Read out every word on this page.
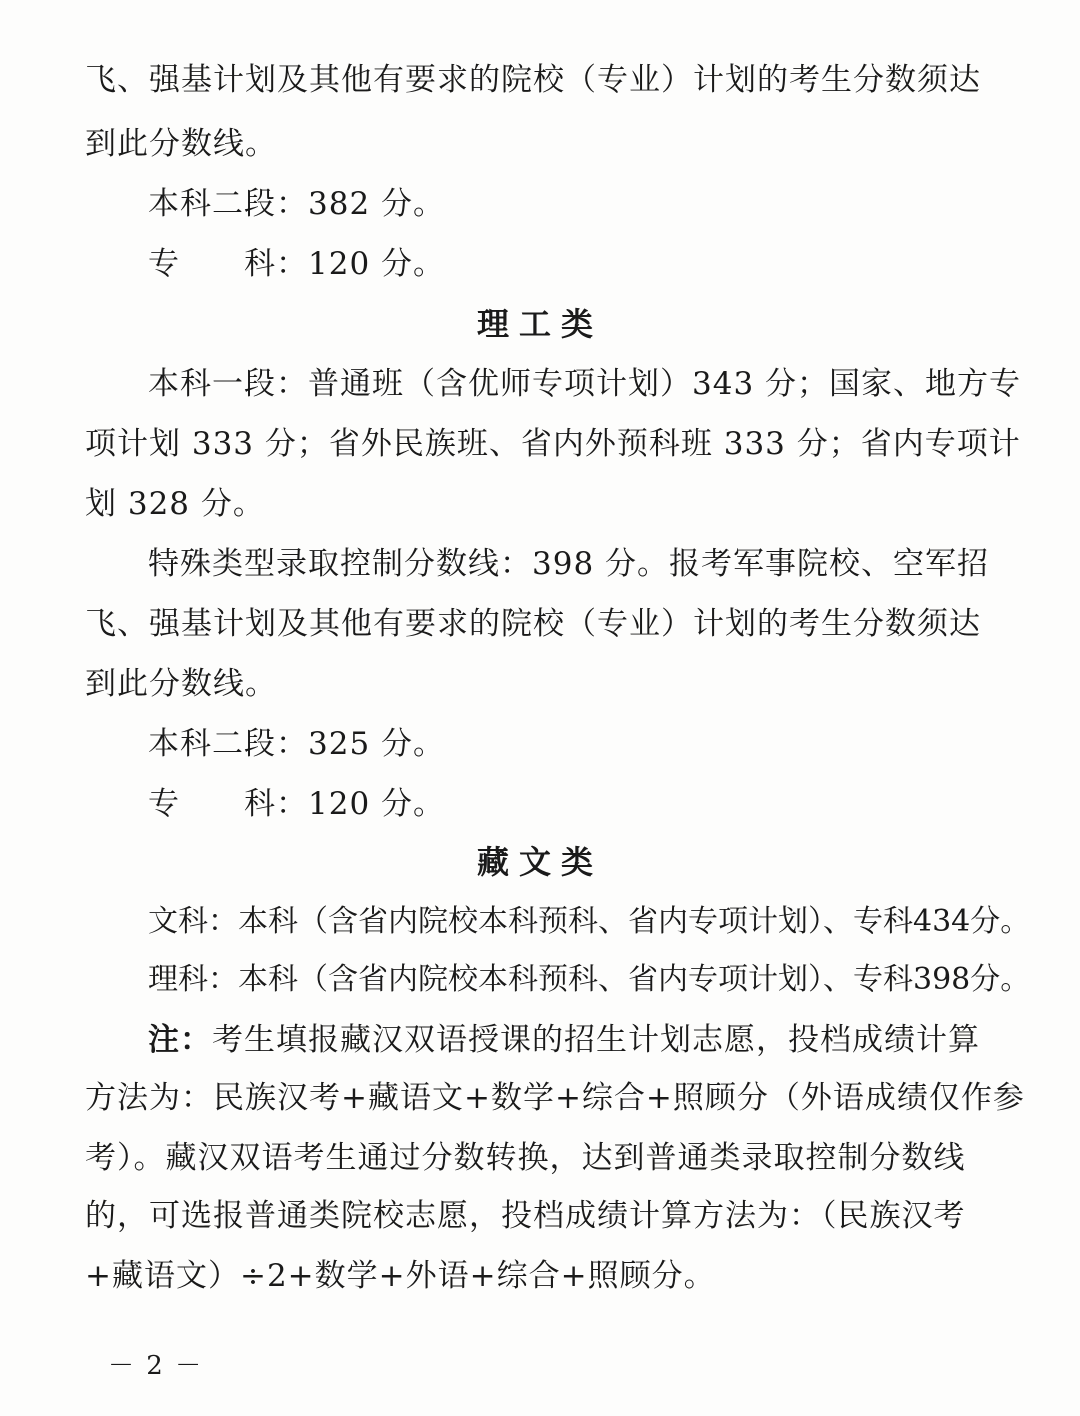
飞、强基计划及其他有要求的院校（专业）计划的考生分数须达
到此分数线。
本科二段：382 分。
专　　科：120 分。
理工类
本科一段：普通班（含优师专项计划）343 分；国家、地方专
项计划 333 分；省外民族班、省内外预科班 333 分；省内专项计
划 328 分。
特殊类型录取控制分数线：398 分。报考军事院校、空军招
飞、强基计划及其他有要求的院校（专业）计划的考生分数须达
到此分数线。
本科二段：325 分。
专　　科：120 分。
藏文类
文科：本科（含省内院校本科预科、省内专项计划）、专科434分。
理科：本科（含省内院校本科预科、省内专项计划）、专科398分。
注：考生填报藏汉双语授课的招生计划志愿，投档成绩计算
方法为：民族汉考+藏语文+数学+综合+照顾分（外语成绩仅作参
考）。藏汉双语考生通过分数转换，达到普通类录取控制分数线
的，可选报普通类院校志愿，投档成绩计算方法为：（民族汉考
+藏语文）÷2+数学+外语+综合+照顾分。
－ 2 －
